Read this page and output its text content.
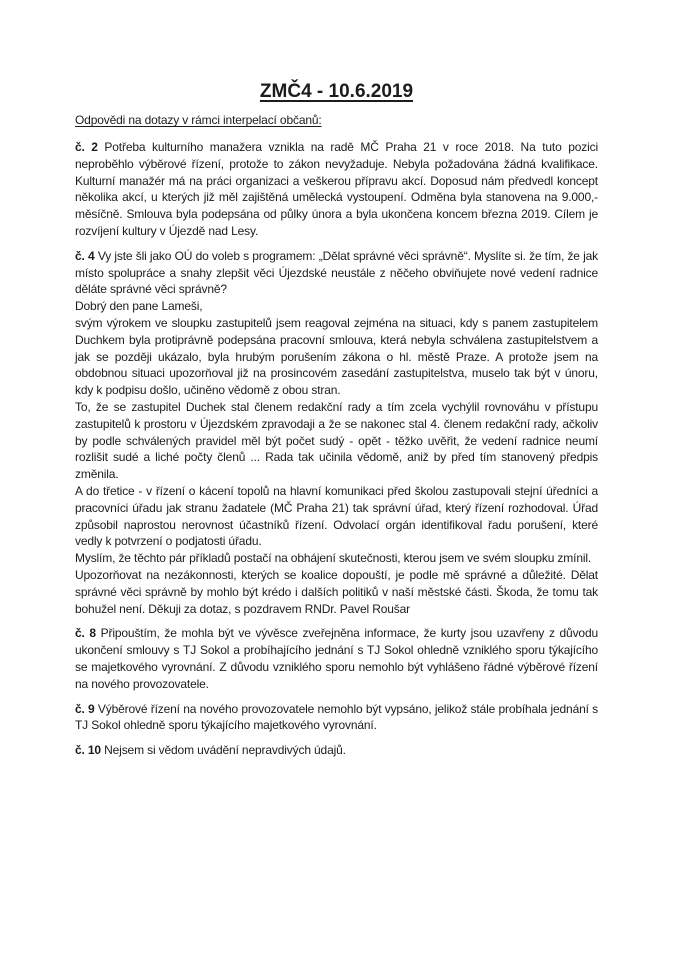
ZMČ4 - 10.6.2019
Odpovědi na dotazy v rámci interpelací občanů:
č. 2 Potřeba kulturního manažera vznikla na radě MČ Praha 21 v roce 2018. Na tuto pozici neproběhlo výběrové řízení, protože to zákon nevyžaduje. Nebyla požadována žádná kvalifikace. Kulturní manažér má na práci organizaci a veškerou přípravu akcí. Doposud nám předvedl koncept několika akcí, u kterých již měl zajištěná umělecká vystoupení. Odměna byla stanovena na 9.000,- měsíčně. Smlouva byla podepsána od půlky února a byla ukončena koncem března 2019. Cílem je rozvíjení kultury v Újezdě nad Lesy.
č. 4 Vy jste šli jako OÚ do voleb s programem: „Dělat správné věci správně“. Myslíte si. že tím, že jak místo spolupráce a snahy zlepšit věci Újezdské neustále z něčeho obviňujete nové vedení radnice děláte správné věci správně?
Dobrý den pane Lameši,
svým výrokem ve sloupku zastupitelů jsem reagoval zejména na situaci, kdy s panem zastupitelem Duchkem byla protiprávně podepsána pracovní smlouva, která nebyla schválena zastupitelstvem a jak se později ukázalo, byla hrubým porušením zákona o hl. městě Praze. A protože jsem na obdobnou situaci upozorňoval již na prosincovém zasedání zastupitelstva, muselo tak být v únoru, kdy k podpisu došlo, učiněno vědomě z obou stran.
To, že se zastupitel Duchek stal členem redakční rady a tím zcela vychýlil rovnováhu v přístupu zastupitelů k prostoru v Újezdském zpravodaji a že se nakonec stal 4. členem redakční rady, ačkoliv by podle schválených pravidel měl být počet sudý - opět - těžko uvěřit, že vedení radnice neumí rozlišit sudé a liché počty členů ... Rada tak učinila vědomě, aniž by před tím stanovený předpis změnila.
A do třetice - v řízení o kácení topolů na hlavní komunikaci před školou zastupovali stejní úředníci a pracovníci úřadu jak stranu žadatele (MČ Praha 21) tak správní úřad, který řízení rozhodoval. Úřad způsobil naprostou nerovnost účastníků řízení. Odvolací orgán identifikoval řadu porušení, které vedly k potvrzení o podjatosti úřadu.
Myslím, že těchto pár příkladů postačí na obhájení skutečnosti, kterou jsem ve svém sloupku zmínil.
Upozorňovat na nezákonnosti, kterých se koalice dopouští, je podle mě správné a důležité. Dělat správné věci správně by mohlo být krédo i dalších politiků v naší městské části. Škoda, že tomu tak bohužel není. Děkuji za dotaz, s pozdravem RNDr. Pavel Roušar
č. 8 Připouštím, že mohla být ve vývěsce zveřejněna informace, že kurty jsou uzavřeny z důvodu ukončení smlouvy s TJ Sokol a probíhajícího jednání s TJ Sokol ohledně vzniklého sporu týkajícího se majetkového vyrovnání. Z důvodu vzniklého sporu nemohlo být vyhlášeno řádné výběrové řízení na nového provozovatele.
č. 9 Výběrové řízení na nového provozovatele nemohlo být vypsáno, jelikož stále probíhala jednání s TJ Sokol ohledně sporu týkajícího majetkového vyrovnání.
č. 10 Nejsem si vědom uvádění nepravdivých údajů.
